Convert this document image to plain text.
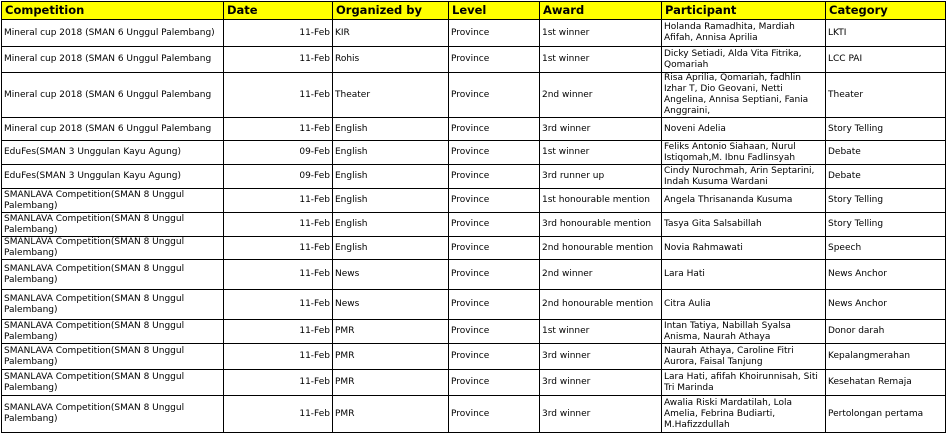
Competition	Date	Organized by	Level	Award	Participant	Category
Mineral cup 2018 (SMAN 6 Unggul Palembang)	11-Feb	KIR	Province	1st winner	Holanda Ramadhita, Mardiah Afifah, Annisa Aprilia	LKTI
Mineral cup 2018 (SMAN 6 Unggul Palembang	11-Feb	Rohis	Province	1st winner	Dicky Setiadi, Alda Vita Fitrika, Qomariah	LCC PAI
Mineral cup 2018 (SMAN 6 Unggul Palembang	11-Feb	Theater	Province	2nd winner	Risa Aprilia, Qomariah, fadhlin Izhar T, Dio Geovani, Netti Angelina, Annisa Septiani, Fania Anggraini,	Theater
Mineral cup 2018 (SMAN 6 Unggul Palembang	11-Feb	English	Province	3rd winner	Noveni Adelia	Story Telling
EduFes(SMAN 3 Unggulan Kayu Agung)	09-Feb	English	Province	1st winner	Feliks Antonio Siahaan, Nurul Istiqomah,M. Ibnu Fadlinsyah	Debate
EduFes(SMAN 3 Unggulan Kayu Agung)	09-Feb	English	Province	3rd runner up	Cindy Nurochmah, Arin Septarini, Indah Kusuma Wardani	Debate
SMANLAVA Competition(SMAN 8 Unggul Palembang)	11-Feb	English	Province	1st honourable mention	Angela Thrisananda Kusuma	Story Telling
SMANLAVA Competition(SMAN 8 Unggul Palembang)	11-Feb	English	Province	3rd honourable mention	Tasya Gita Salsabillah	Story Telling
SMANLAVA Competition(SMAN 8 Unggul Palembang)	11-Feb	English	Province	2nd honourable mention	Novia Rahmawati	Speech
SMANLAVA Competition(SMAN 8 Unggul Palembang)	11-Feb	News	Province	2nd winner	Lara Hati	News Anchor
SMANLAVA Competition(SMAN 8 Unggul Palembang)	11-Feb	News	Province	2nd honourable mention	Citra Aulia	News Anchor
SMANLAVA Competition(SMAN 8 Unggul Palembang)	11-Feb	PMR	Province	1st winner	Intan Tatiya, Nabillah Syalsa Anisma, Naurah Athaya	Donor darah
SMANLAVA Competition(SMAN 8 Unggul Palembang)	11-Feb	PMR	Province	3rd winner	Naurah Athaya, Caroline Fitri Aurora, Faisal Tanjung	Kepalangmerahan
SMANLAVA Competition(SMAN 8 Unggul Palembang)	11-Feb	PMR	Province	3rd winner	Lara Hati, afifah Khoirunnisah, Siti Tri Marinda	Kesehatan Remaja
SMANLAVA Competition(SMAN 8 Unggul Palembang)	11-Feb	PMR	Province	3rd winner	Awalia Riski Mardatilah, Lola Amelia, Febrina Budiarti, M.Hafizzdullah	Pertolongan pertama
